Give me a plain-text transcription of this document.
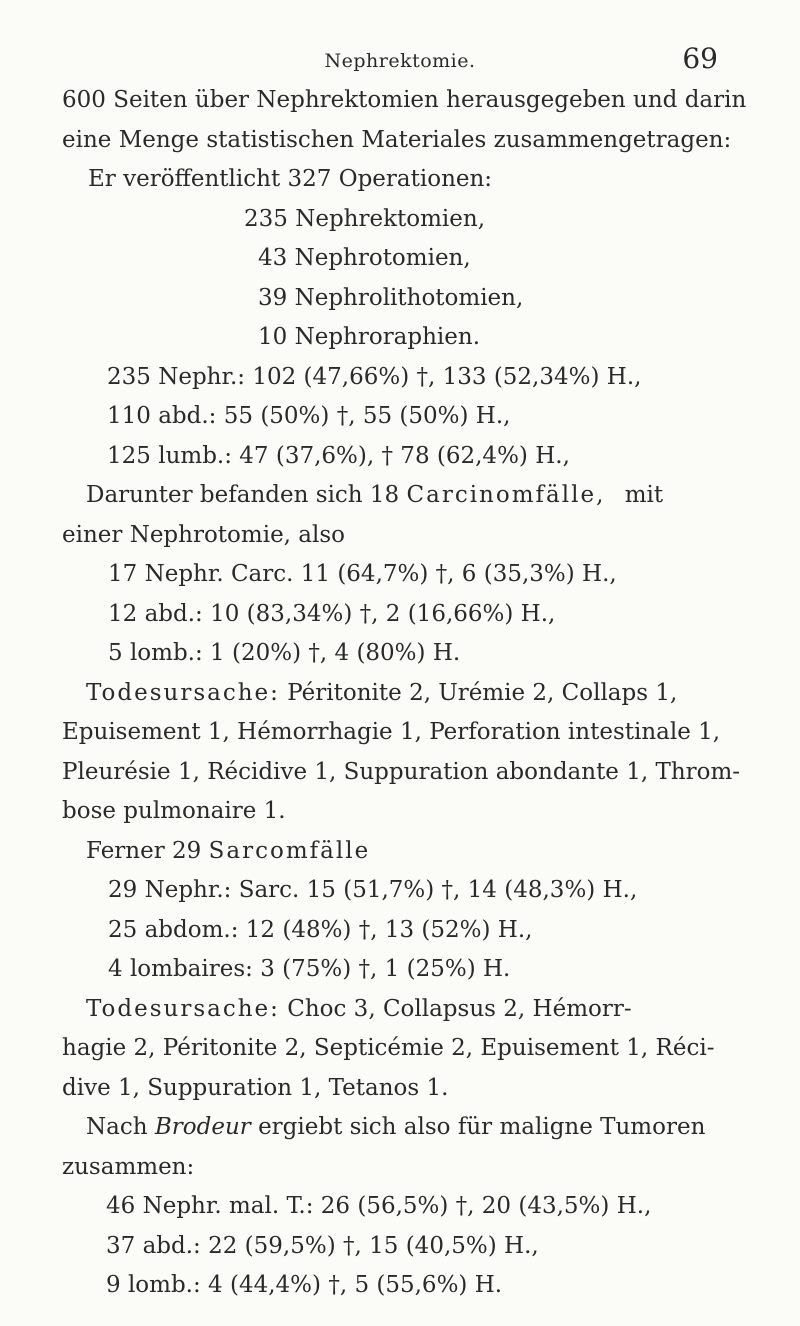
Nephrektomie.	69
600 Seiten über Nephrektomien herausgegeben und darin
eine Menge statistischen Materiales zusammengetragen:
Er veröffentlicht 327 Operationen:
235 Nephrektomien,
43 Nephrotomien,
39 Nephrolithotomien,
10 Nephroraphien.
235 Nephr.: 102 (47,66%) †, 133 (52,34%) H.,
110 abd.: 55 (50%) †, 55 (50%) H.,
125 lumb.: 47 (37,6%), † 78 (62,4%) H.,
Darunter befanden sich 18 Carcinomfälle, mit
einer Nephrotomie, also
17 Nephr. Carc. 11 (64,7%) †, 6 (35,3%) H.,
12 abd.: 10 (83,34%) †, 2 (16,66%) H.,
5 lomb.: 1 (20%) †, 4 (80%) H.
Todesursache: Péritonite 2, Urémie 2, Collaps 1,
Epuisement 1, Hémorrhagie 1, Perforation intestinale 1,
Pleurésie 1, Récidive 1, Suppuration abondante 1, Throm-
bose pulmonaire 1.
Ferner 29 Sarcomfälle
29 Nephr.: Sarc. 15 (51,7%) †, 14 (48,3%) H.,
25 abdom.: 12 (48%) †, 13 (52%) H.,
4 lombaires: 3 (75%) †, 1 (25%) H.
Todesursache: Choc 3, Collapsus 2, Hémorr-
hagie 2, Péritonite 2, Septicémie 2, Epuisement 1, Réci-
dive 1, Suppuration 1, Tetanos 1.
Nach Brodeur ergiebt sich also für maligne Tumoren
zusammen:
46 Nephr. mal. T.: 26 (56,5%) †, 20 (43,5%) H.,
37 abd.: 22 (59,5%) †, 15 (40,5%) H.,
9 lomb.: 4 (44,4%) †, 5 (55,6%) H.
